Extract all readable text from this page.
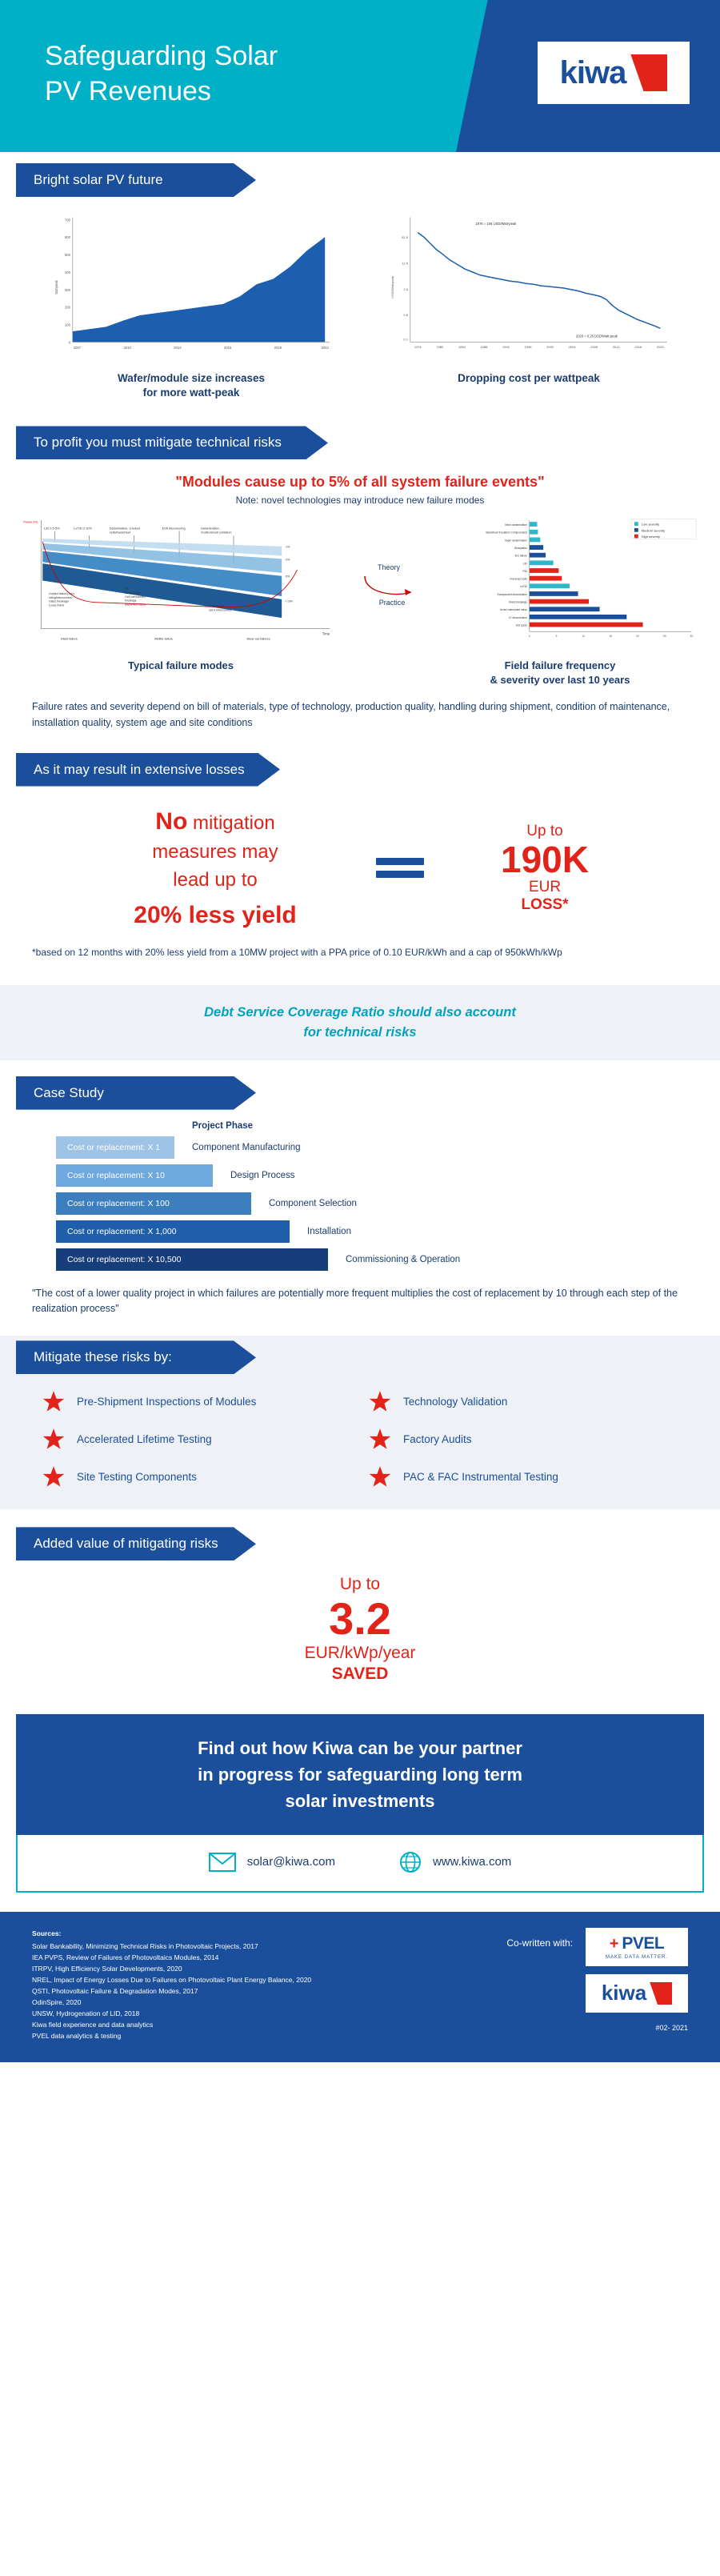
Safeguarding Solar
PV Revenues
kiwa
Bright solar PV future
0
100
200
300
400
500
600
700
2007	2010	2013	2016	2019	2022
Wattpeak
Wafer/module size increases
for more watt-peak
62.5
12.5
2.5
0.5
0.1
USD/Watt-peak
1976	1980	1984	1988	1992	1996	2000	2004	2008	2012	2016	2020
1976 = 106 USD/Watt-peak
2020 = 0.25 USD/Watt-peak
Dropping cost per wattpeak
To profit you must mitigate technical risks
"Modules cause up to 5% of all system failure events"
Note: novel technologies may introduce new failure modes
Power (%)
Time
LID 0.5-5%	LeTID 0-10%	Delamination, cracked
cells/backsheet
EVA discolouring	Delamination,
moisture/cell oxidation
-1%
-2%
-5%
> 10%
Contact failure j-box/
string/interconnect/
Glass breakage/
Loose frame
PID
Diode failure
Cell interconnect
breakage
Backsheet failure
Infant failure	Midlife failure	Wear-out failures
Commercial
cell & interconnect
Theory
Practice
Low severity
Medium severity
High severity
0	5	10	15	20	25	30
Micro delamination
Backsheet Insulation Compromised
Vapor delamination
Dissipation
IEC failure
LID
PID
Fractured cells
LeTID
Encapsulant discoloration
Glass breakage
Under-nameplate value
IC discoloration
Hot spots
Typical failure modes	Field failure frequency
& severity over last 10 years
Failure rates and severity depend on bill of materials, type of technology, production quality, handling during shipment, condition of maintenance, installation quality, system age and site conditions
As it may result in extensive losses
No mitigation
measures may
lead up to
20% less yield
Up to
190K
EUR
LOSS*
*based on 12 months with 20% less yield from a 10MW project with a PPA price of 0.10 EUR/kWh and a cap of 950kWh/kWp
Debt Service Coverage Ratio should also account
for technical risks
Case Study
Project Phase
Cost or replacement: X 1	Component Manufacturing
Cost or replacement: X 10	Design Process
Cost or replacement: X 100	Component Selection
Cost or replacement: X 1,000	Installation
Cost or replacement: X 10,500	Commissioning & Operation
"The cost of a lower quality project in which failures are potentially more frequent multiplies the cost of replacement by 10 through each step of the realization process"
Mitigate these risks by:
Pre-Shipment Inspections of Modules	Technology Validation
Accelerated Lifetime Testing	Factory Audits
Site Testing Components	PAC & FAC Instrumental Testing
Added value of mitigating risks
Up to
3.2
EUR/kWp/year
SAVED
Find out how Kiwa can be your partner
in progress for safeguarding long term
solar investments
solar@kiwa.com	www.kiwa.com
Sources:
Solar Bankability, Minimizing Technical Risks in Photovoltaic Projects, 2017
IEA PVPS, Review of Failures of Photovoltaics Modules, 2014
ITRPV, High Efficiency Solar Developments, 2020
NREL, Impact of Energy Losses Due to Failures on Photovoltaic Plant Energy Balance, 2020
QSTI, Photovoltaic Failure & Degradation Modes, 2017
OdinSpire, 2020
UNSW, Hydrogenation of LID, 2018
Kiwa field experience and data analytics
PVEL data analytics & testing
Co-written with: + PVEL
MAKE DATA MATTER.
kiwa
#02- 2021
